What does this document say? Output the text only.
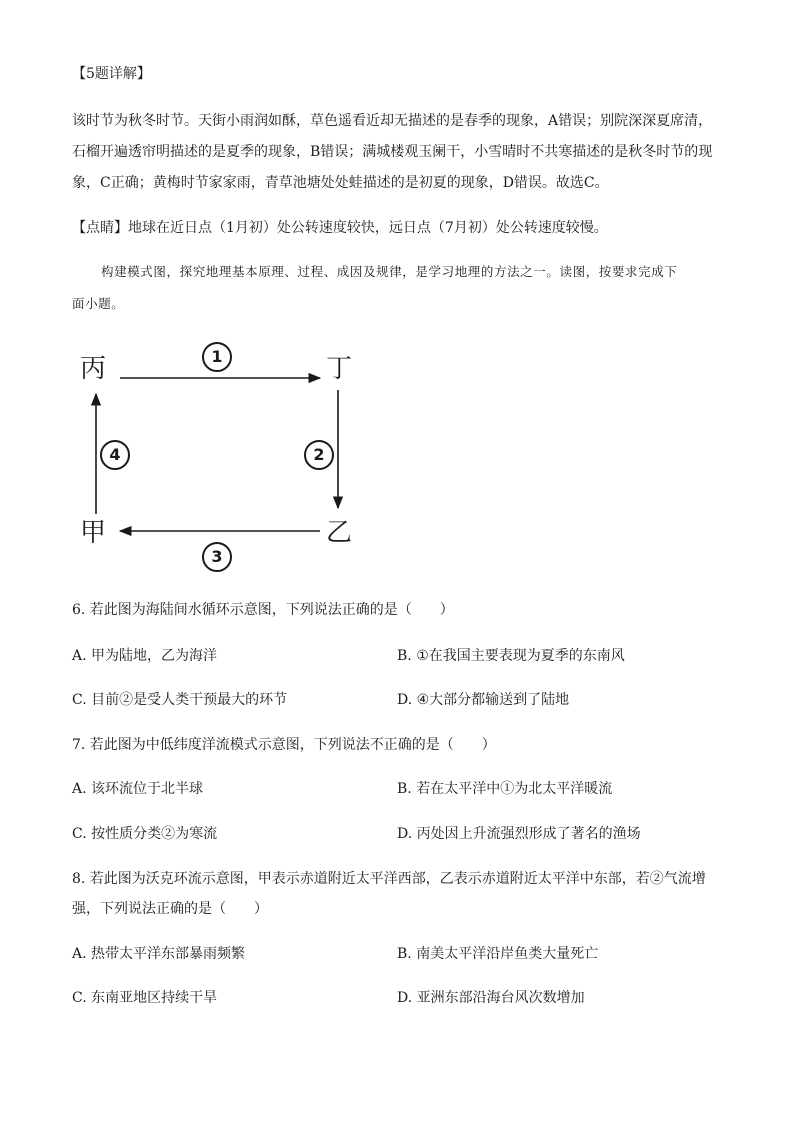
【5题详解】
该时节为秋冬时节。天街小雨润如酥，草色遥看近却无描述的是春季的现象，A错误；别院深深夏席清，
石榴开遍透帘明描述的是夏季的现象，B错误；满城楼观玉阑干，小雪晴时不共寒描述的是秋冬时节的现
象，C正确；黄梅时节家家雨，青草池塘处处蛙描述的是初夏的现象，D错误。故选C。
【点睛】地球在近日点（1月初）处公转速度较快，远日点（7月初）处公转速度较慢。
构建模式图，探究地理基本原理、过程、成因及规律，是学习地理的方法之一。读图，按要求完成下
面小题。
丙	丁
甲	乙
1
2
3
4
6. 若此图为海陆间水循环示意图，下列说法正确的是（　　）
A. 甲为陆地，乙为海洋	B. ①在我国主要表现为夏季的东南风
C. 目前②是受人类干预最大的环节	D. ④大部分都输送到了陆地
7. 若此图为中低纬度洋流模式示意图，下列说法不正确的是（　　）
A. 该环流位于北半球	B. 若在太平洋中①为北太平洋暖流
C. 按性质分类②为寒流	D. 丙处因上升流强烈形成了著名的渔场
8. 若此图为沃克环流示意图，甲表示赤道附近太平洋西部，乙表示赤道附近太平洋中东部，若②气流增
强，下列说法正确的是（　　）
A. 热带太平洋东部暴雨频繁	B. 南美太平洋沿岸鱼类大量死亡
C. 东南亚地区持续干旱	D. 亚洲东部沿海台风次数增加
